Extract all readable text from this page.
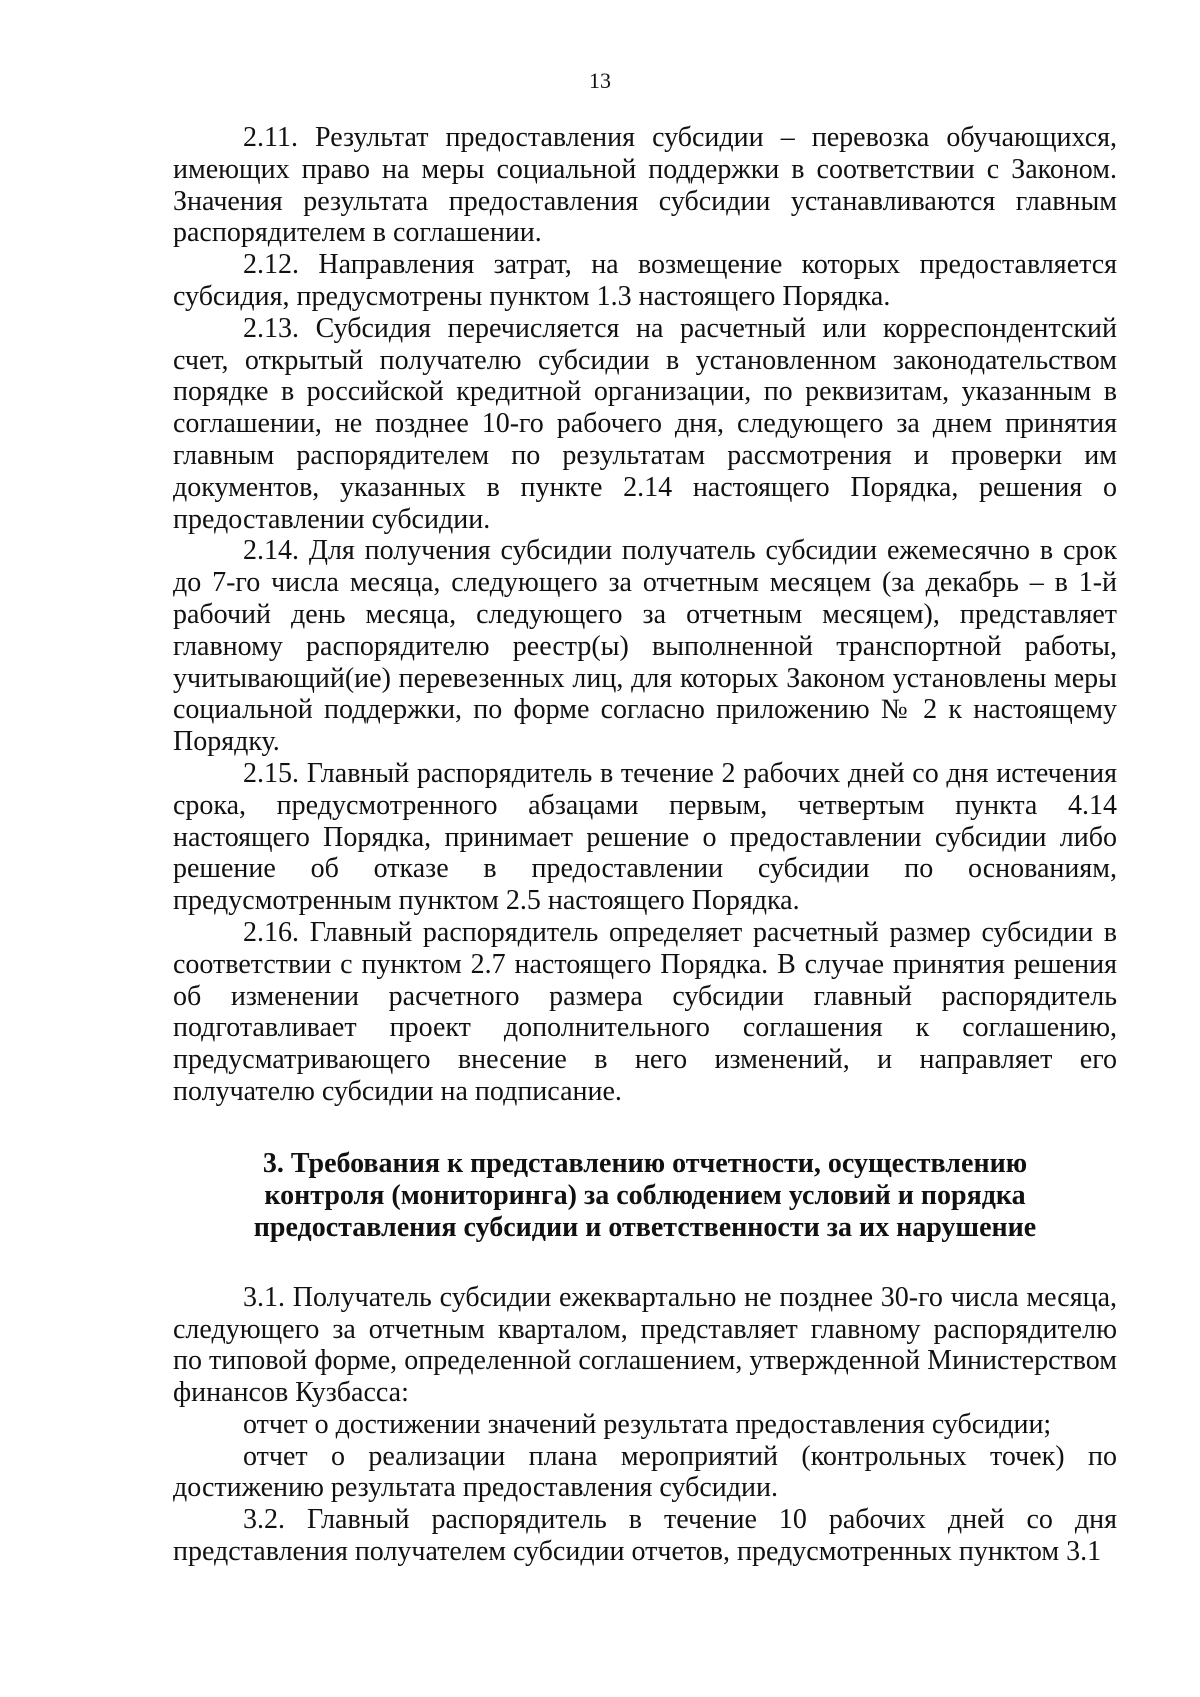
13

2.11. Результат предоставления субсидии – перевозка обучающихся, имеющих право на меры социальной поддержки в соответствии с Законом. Значения результата предоставления субсидии устанавливаются главным распорядителем в соглашении.

2.12. Направления затрат, на возмещение которых предоставляется субсидия, предусмотрены пунктом 1.3 настоящего Порядка.

2.13. Субсидия перечисляется на расчетный или корреспондентский счет, открытый получателю субсидии в установленном законодательством порядке в российской кредитной организации, по реквизитам, указанным в соглашении, не позднее 10-го рабочего дня, следующего за днем принятия главным распорядителем по результатам рассмотрения и проверки им документов, указанных в пункте 2.14 настоящего Порядка, решения о предоставлении субсидии.

2.14. Для получения субсидии получатель субсидии ежемесячно в срок до 7-го числа месяца, следующего за отчетным месяцем (за декабрь – в 1-й рабочий день месяца, следующего за отчетным месяцем), представляет главному распорядителю реестр(ы) выполненной транспортной работы, учитывающий(ие) перевезенных лиц, для которых Законом установлены меры социальной поддержки, по форме согласно приложению № 2 к настоящему Порядку.

2.15. Главный распорядитель в течение 2 рабочих дней со дня истечения срока, предусмотренного абзацами первым, четвертым пункта 4.14 настоящего Порядка, принимает решение о предоставлении субсидии либо решение об отказе в предоставлении субсидии по основаниям, предусмотренным пунктом 2.5 настоящего Порядка.

2.16. Главный распорядитель определяет расчетный размер субсидии в соответствии с пунктом 2.7 настоящего Порядка. В случае принятия решения об изменении расчетного размера субсидии главный распорядитель подготавливает проект дополнительного соглашения к соглашению, предусматривающего внесение в него изменений, и направляет его получателю субсидии на подписание.

3. Требования к представлению отчетности, осуществлению
контроля (мониторинга) за соблюдением условий и порядка
предоставления субсидии и ответственности за их нарушение

3.1. Получатель субсидии ежеквартально не позднее 30-го числа месяца, следующего за отчетным кварталом, представляет главному распорядителю по типовой форме, определенной соглашением, утвержденной Министерством финансов Кузбасса:

отчет о достижении значений результата предоставления субсидии;

отчет о реализации плана мероприятий (контрольных точек) по достижению результата предоставления субсидии.

3.2. Главный распорядитель в течение 10 рабочих дней со дня представления получателем субсидии отчетов, предусмотренных пунктом 3.1
